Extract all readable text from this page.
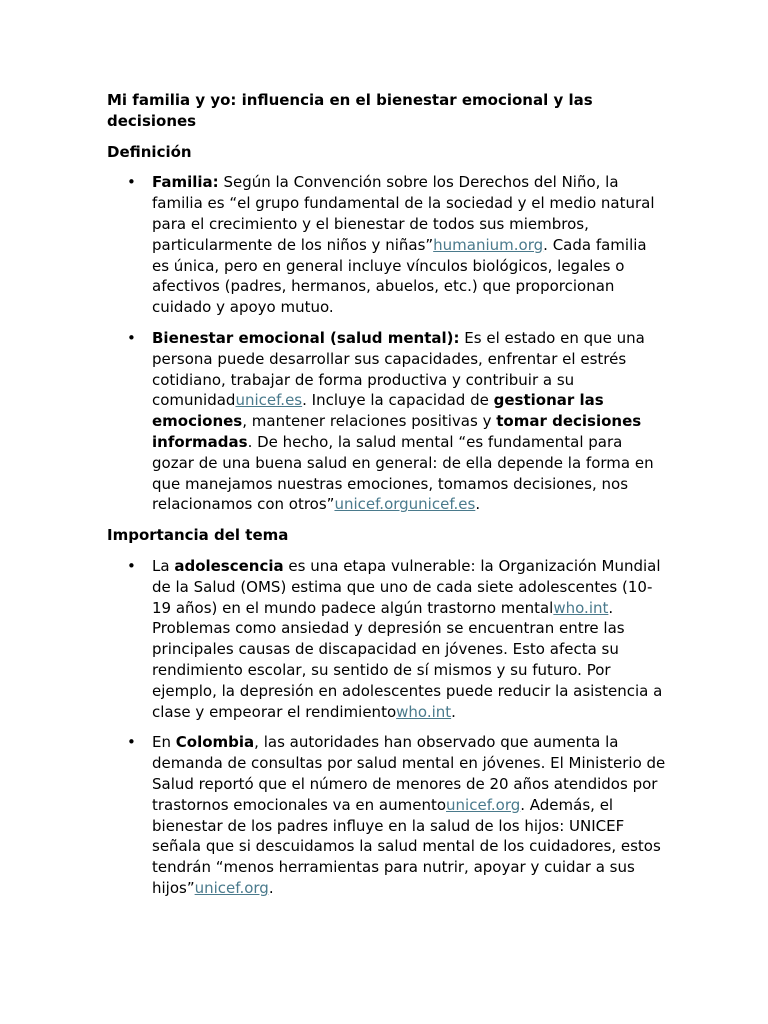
Mi familia y yo: influencia en el bienestar emocional y las decisiones
Definición
• Familia: Según la Convención sobre los Derechos del Niño, la familia es “el grupo fundamental de la sociedad y el medio natural para el crecimiento y el bienestar de todos sus miembros, particularmente de los niños y niñas”humanium.org. Cada familia es única, pero en general incluye vínculos biológicos, legales o afectivos (padres, hermanos, abuelos, etc.) que proporcionan cuidado y apoyo mutuo.
• Bienestar emocional (salud mental): Es el estado en que una persona puede desarrollar sus capacidades, enfrentar el estrés cotidiano, trabajar de forma productiva y contribuir a su comunidadunicef.es. Incluye la capacidad de gestionar las emociones, mantener relaciones positivas y tomar decisiones informadas. De hecho, la salud mental “es fundamental para gozar de una buena salud en general: de ella depende la forma en que manejamos nuestras emociones, tomamos decisiones, nos relacionamos con otros”unicef.orgunicef.es.
Importancia del tema
• La adolescencia es una etapa vulnerable: la Organización Mundial de la Salud (OMS) estima que uno de cada siete adolescentes (10-19 años) en el mundo padece algún trastorno mentalwho.int. Problemas como ansiedad y depresión se encuentran entre las principales causas de discapacidad en jóvenes. Esto afecta su rendimiento escolar, su sentido de sí mismos y su futuro. Por ejemplo, la depresión en adolescentes puede reducir la asistencia a clase y empeorar el rendimientowho.int.
• En Colombia, las autoridades han observado que aumenta la demanda de consultas por salud mental en jóvenes. El Ministerio de Salud reportó que el número de menores de 20 años atendidos por trastornos emocionales va en aumentounicef.org. Además, el bienestar de los padres influye en la salud de los hijos: UNICEF señala que si descuidamos la salud mental de los cuidadores, estos tendrán “menos herramientas para nutrir, apoyar y cuidar a sus hijos”unicef.org.
